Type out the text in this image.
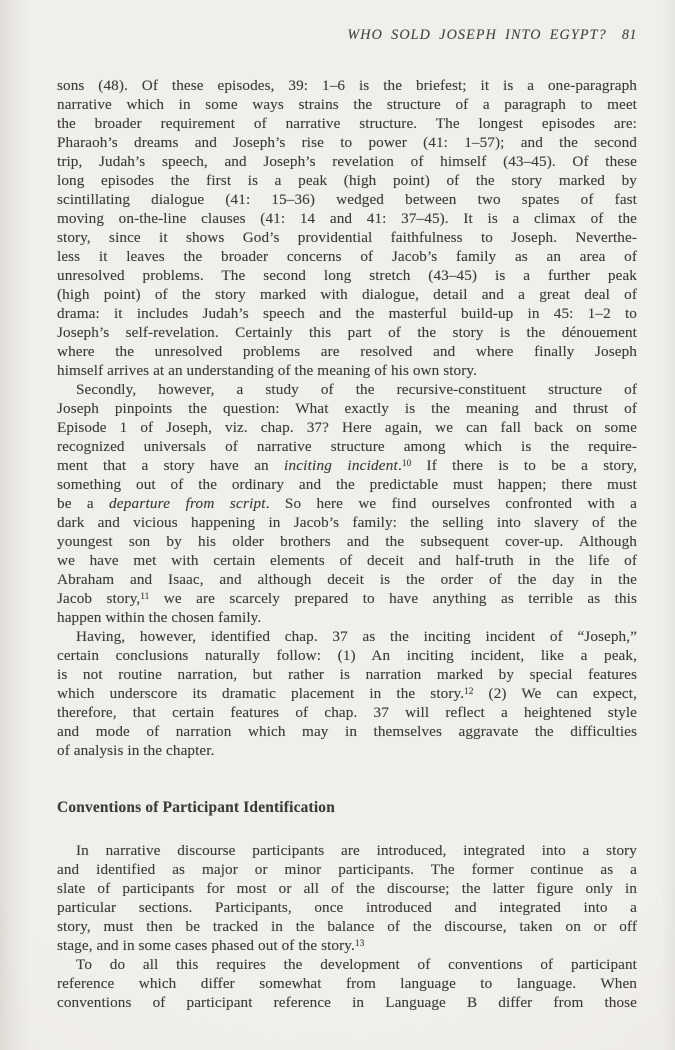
WHO SOLD JOSEPH INTO EGYPT? 81
sons (48). Of these episodes, 39: 1–6 is the briefest; it is a one-paragraph
narrative which in some ways strains the structure of a paragraph to meet
the broader requirement of narrative structure. The longest episodes are:
Pharaoh’s dreams and Joseph’s rise to power (41: 1–57); and the second
trip, Judah’s speech, and Joseph’s revelation of himself (43–45). Of these
long episodes the first is a peak (high point) of the story marked by
scintillating dialogue (41: 15–36) wedged between two spates of fast
moving on-the-line clauses (41: 14 and 41: 37–45). It is a climax of the
story, since it shows God’s providential faithfulness to Joseph. Neverthe-
less it leaves the broader concerns of Jacob’s family as an area of
unresolved problems. The second long stretch (43–45) is a further peak
(high point) of the story marked with dialogue, detail and a great deal of
drama: it includes Judah’s speech and the masterful build-up in 45: 1–2 to
Joseph’s self-revelation. Certainly this part of the story is the dénouement
where the unresolved problems are resolved and where finally Joseph
himself arrives at an understanding of the meaning of his own story.
Secondly, however, a study of the recursive-constituent structure of
Joseph pinpoints the question: What exactly is the meaning and thrust of
Episode 1 of Joseph, viz. chap. 37? Here again, we can fall back on some
recognized universals of narrative structure among which is the require-
ment that a story have an inciting incident.$^{10}$ If there is to be a story,
something out of the ordinary and the predictable must happen; there must
be a departure from script. So here we find ourselves confronted with a
dark and vicious happening in Jacob’s family: the selling into slavery of the
youngest son by his older brothers and the subsequent cover-up. Although
we have met with certain elements of deceit and half-truth in the life of
Abraham and Isaac, and although deceit is the order of the day in the
Jacob story,$^{11}$ we are scarcely prepared to have anything as terrible as this
happen within the chosen family.
Having, however, identified chap. 37 as the inciting incident of “Joseph,”
certain conclusions naturally follow: (1) An inciting incident, like a peak,
is not routine narration, but rather is narration marked by special features
which underscore its dramatic placement in the story.$^{12}$ (2) We can expect,
therefore, that certain features of chap. 37 will reflect a heightened style
and mode of narration which may in themselves aggravate the difficulties
of analysis in the chapter.
Conventions of Participant Identification
In narrative discourse participants are introduced, integrated into a story
and identified as major or minor participants. The former continue as a
slate of participants for most or all of the discourse; the latter figure only in
particular sections. Participants, once introduced and integrated into a
story, must then be tracked in the balance of the discourse, taken on or off
stage, and in some cases phased out of the story.$^{13}$
To do all this requires the development of conventions of participant
reference which differ somewhat from language to language. When
conventions of participant reference in Language B differ from those
